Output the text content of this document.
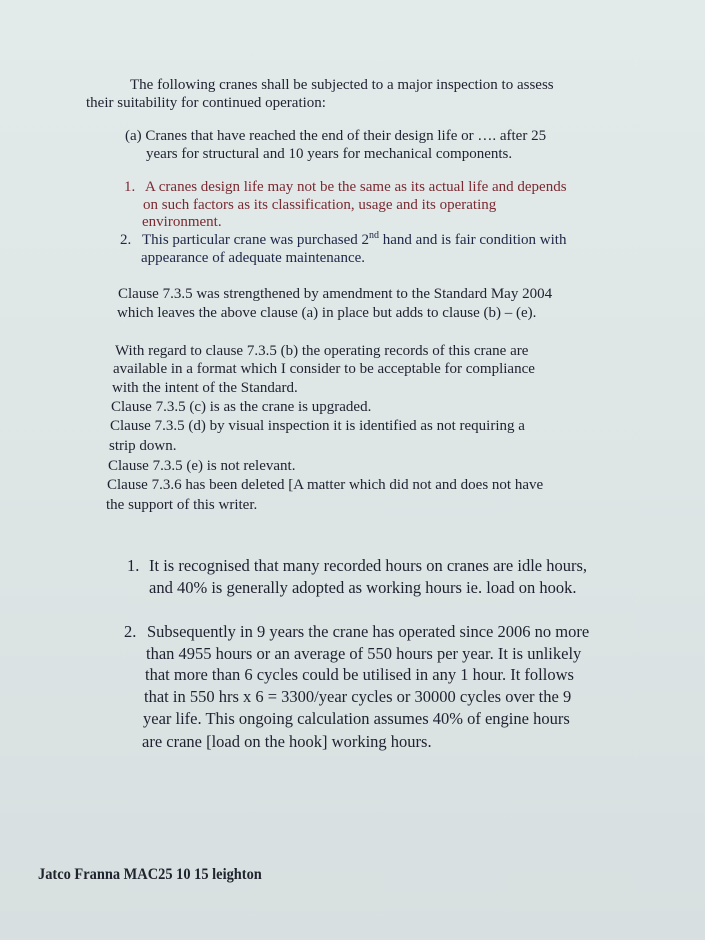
The following cranes shall be subjected to a major inspection to assess
their suitability for continued operation:
(a) Cranes that have reached the end of their design life or …. after 25
years for structural and 10 years for mechanical components.
1. A cranes design life may not be the same as its actual life and depends
on such factors as its classification, usage and its operating
environment.
2. This particular crane was purchased 2nd hand and is fair condition with
appearance of adequate maintenance.
Clause 7.3.5 was strengthened by amendment to the Standard May 2004
which leaves the above clause (a) in place but adds to clause (b) – (e).
With regard to clause 7.3.5 (b) the operating records of this crane are
available in a format which I consider to be acceptable for compliance
with the intent of the Standard.
Clause 7.3.5 (c) is as the crane is upgraded.
Clause 7.3.5 (d) by visual inspection it is identified as not requiring a
strip down.
Clause 7.3.5 (e) is not relevant.
Clause 7.3.6 has been deleted [A matter which did not and does not have
the support of this writer.
1. It is recognised that many recorded hours on cranes are idle hours,
and 40% is generally adopted as working hours ie. load on hook.
2. Subsequently in 9 years the crane has operated since 2006 no more
than 4955 hours or an average of 550 hours per year. It is unlikely
that more than 6 cycles could be utilised in any 1 hour. It follows
that in 550 hrs x 6 = 3300/year cycles or 30000 cycles over the 9
year life. This ongoing calculation assumes 40% of engine hours
are crane [load on the hook] working hours.
Jatco Franna MAC25 10 15 leighton
